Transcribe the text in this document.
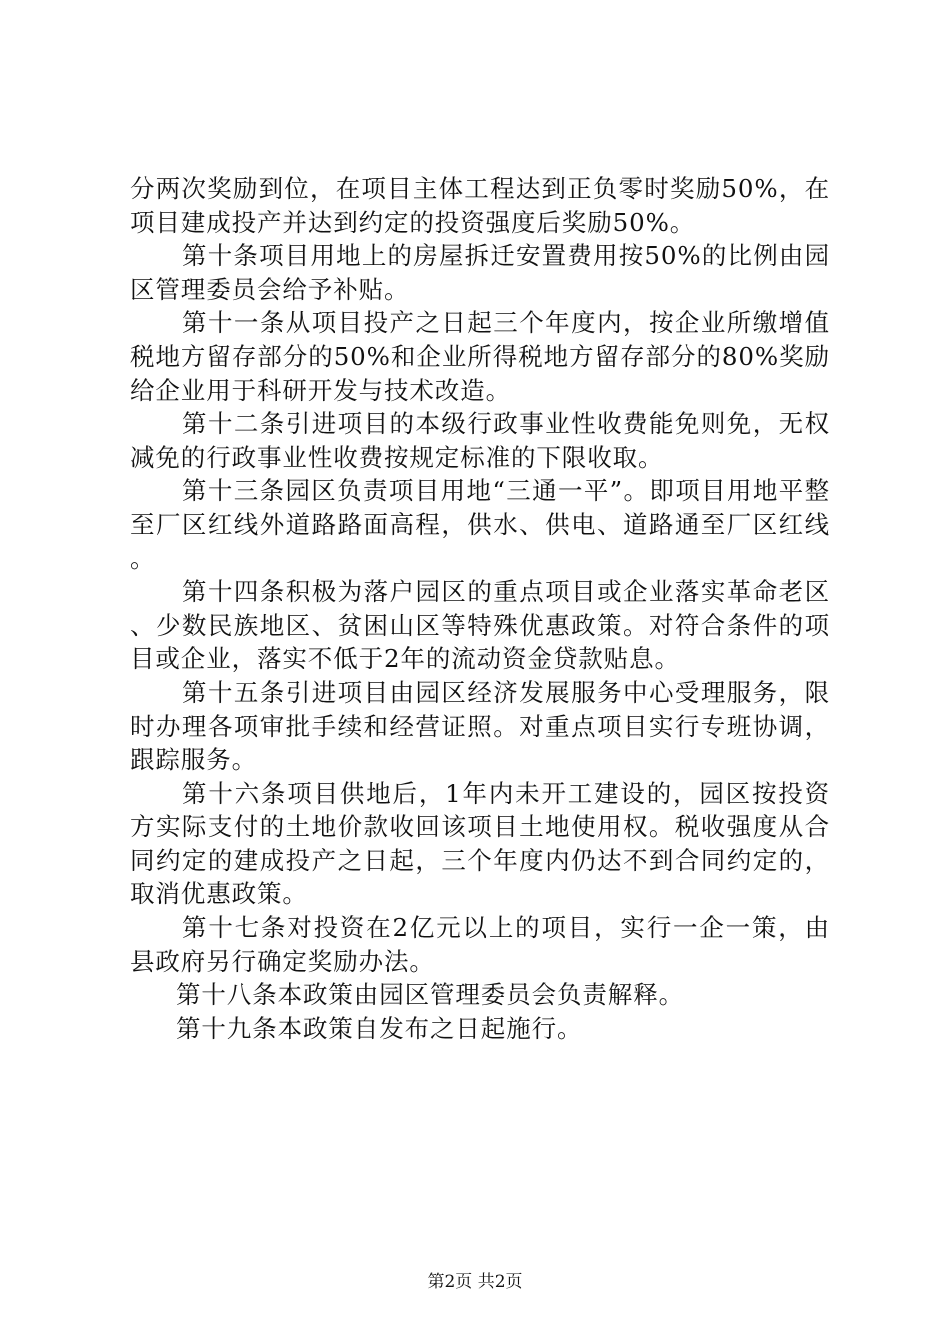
分两次奖励到位，在项目主体工程达到正负零时奖励50%，在项目建成投产并达到约定的投资强度后奖励50%。

第十条项目用地上的房屋拆迁安置费用按50%的比例由园区管理委员会给予补贴。

第十一条从项目投产之日起三个年度内，按企业所缴增值税地方留存部分的50%和企业所得税地方留存部分的80%奖励给企业用于科研开发与技术改造。

第十二条引进项目的本级行政事业性收费能免则免，无权减免的行政事业性收费按规定标准的下限收取。

第十三条园区负责项目用地“三通一平”。即项目用地平整至厂区红线外道路路面高程，供水、供电、道路通至厂区红线。

第十四条积极为落户园区的重点项目或企业落实革命老区、少数民族地区、贫困山区等特殊优惠政策。对符合条件的项目或企业，落实不低于2年的流动资金贷款贴息。

第十五条引进项目由园区经济发展服务中心受理服务，限时办理各项审批手续和经营证照。对重点项目实行专班协调，跟踪服务。

第十六条项目供地后，1年内未开工建设的，园区按投资方实际支付的土地价款收回该项目土地使用权。税收强度从合同约定的建成投产之日起，三个年度内仍达不到合同约定的，取消优惠政策。

第十七条对投资在2亿元以上的项目，实行一企一策，由县政府另行确定奖励办法。

第十八条本政策由园区管理委员会负责解释。

第十九条本政策自发布之日起施行。

第2页 共2页
